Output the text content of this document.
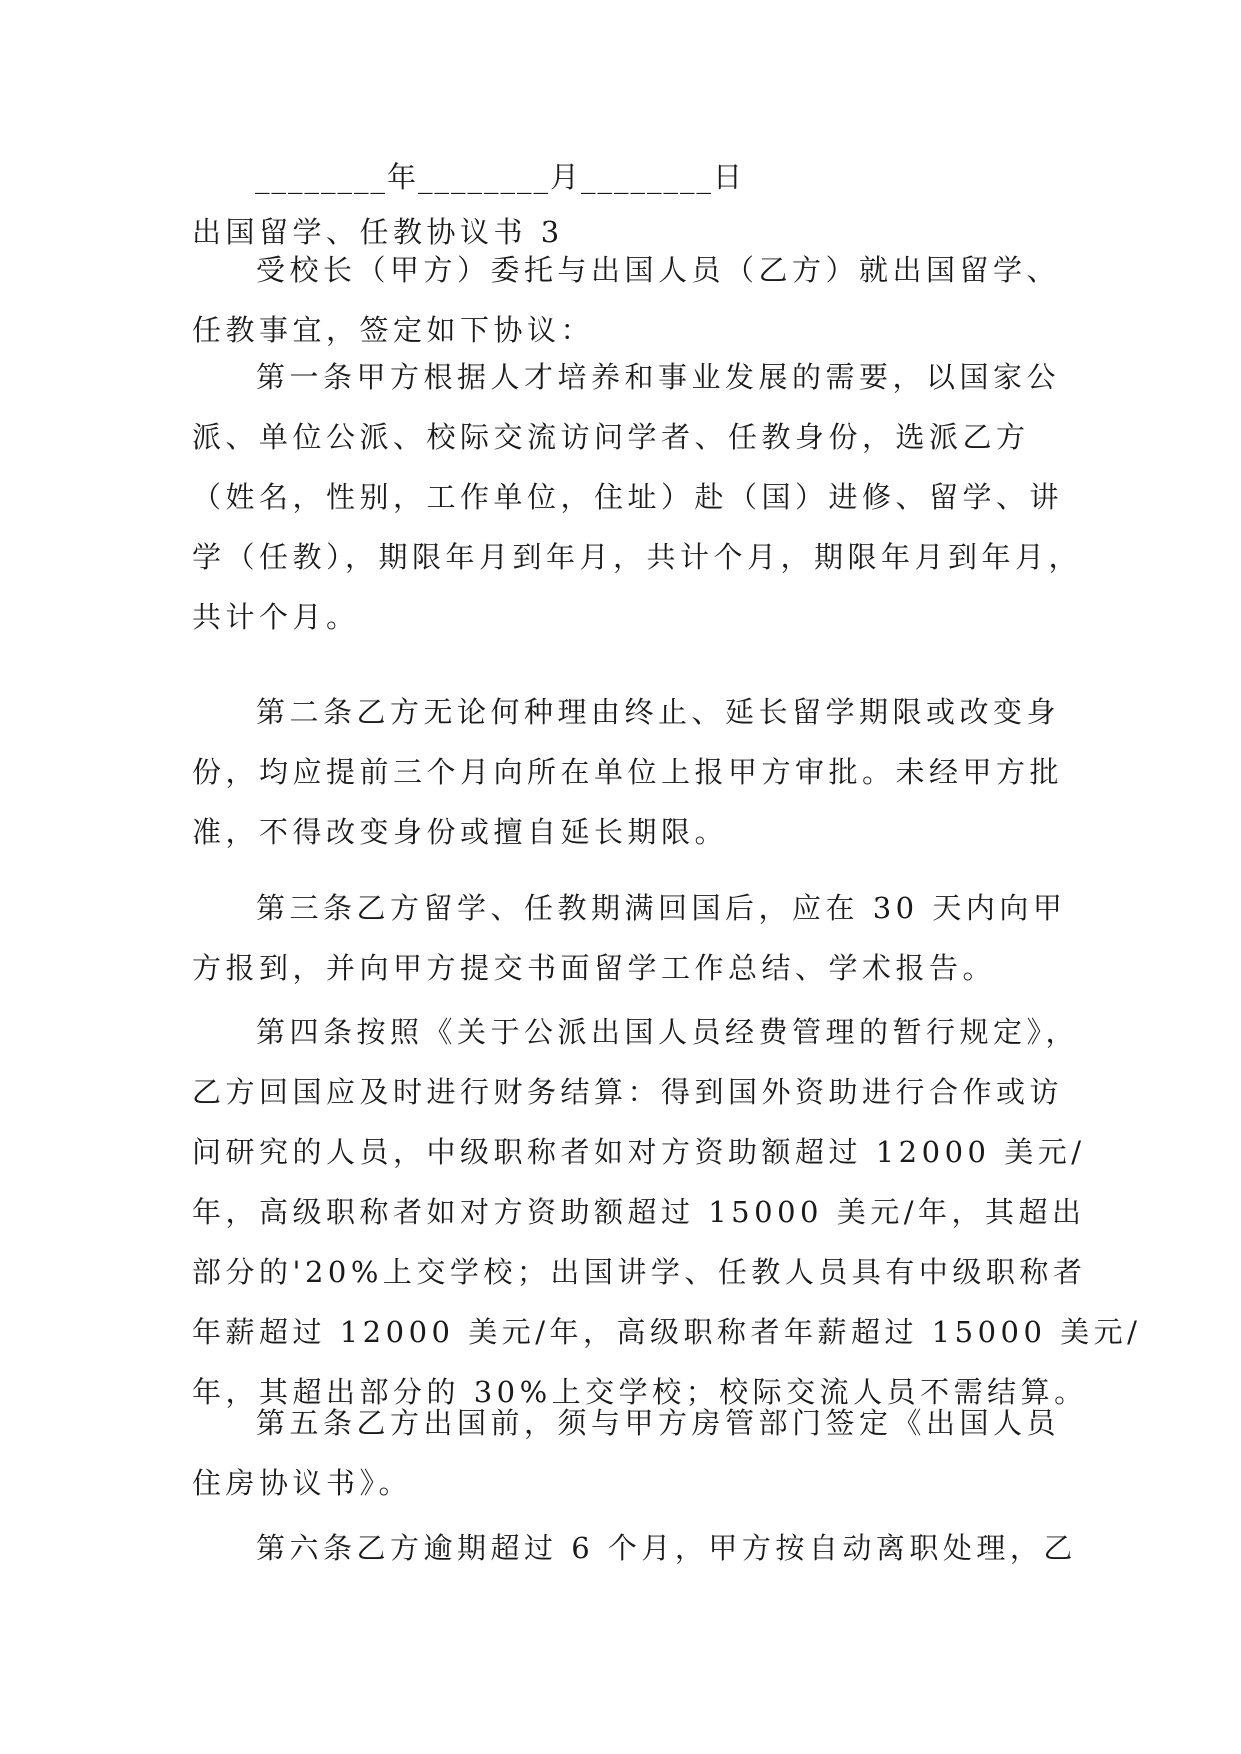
________年________月________日
出国留学、任教协议书 3
受校长（甲方）委托与出国人员（乙方）就出国留学、
任教事宜，签定如下协议：
第一条甲方根据人才培养和事业发展的需要，以国家公
派、单位公派、校际交流访问学者、任教身份，选派乙方
（姓名，性别，工作单位，住址）赴（国）进修、留学、讲
学（任教），期限年月到年月，共计个月，期限年月到年月，
共计个月。
第二条乙方无论何种理由终止、延长留学期限或改变身
份，均应提前三个月向所在单位上报甲方审批。未经甲方批
准，不得改变身份或擅自延长期限。
第三条乙方留学、任教期满回国后，应在 30 天内向甲
方报到，并向甲方提交书面留学工作总结、学术报告。
第四条按照《关于公派出国人员经费管理的暂行规定》，
乙方回国应及时进行财务结算：得到国外资助进行合作或访
问研究的人员，中级职称者如对方资助额超过 12000 美元/
年，高级职称者如对方资助额超过 15000 美元/年，其超出
部分的'20%上交学校；出国讲学、任教人员具有中级职称者
年薪超过 12000 美元/年，高级职称者年薪超过 15000 美元/
年，其超出部分的 30%上交学校；校际交流人员不需结算。
第五条乙方出国前，须与甲方房管部门签定《出国人员
住房协议书》。
第六条乙方逾期超过 6 个月，甲方按自动离职处理，乙
